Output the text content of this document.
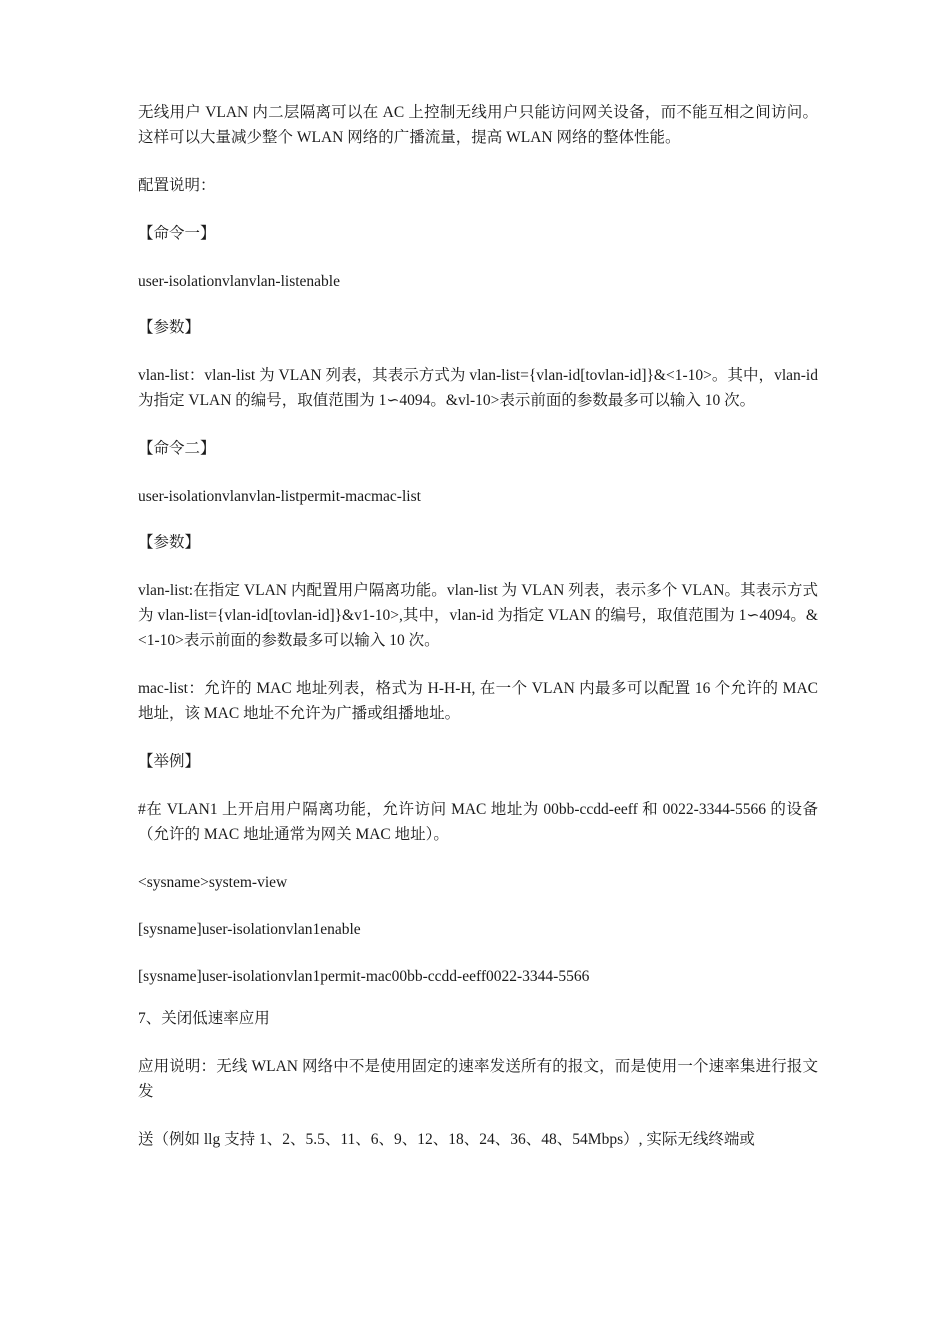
无线用户 VLAN 内二层隔离可以在 AC 上控制无线用户只能访问网关设备，而不能互相之间访问。这样可以大量减少整个 WLAN 网络的广播流量，提高 WLAN 网络的整体性能。

配置说明：

【命令一】

user-isolationvlanvlan-listenable

【参数】

vlan-list：vlan-list 为 VLAN 列表，其表示方式为 vlan-list={vlan-id[tovlan-id]}&<1-10>。其中，vlan-id 为指定 VLAN 的编号，取值范围为 1∽4094。&vl-10>表示前面的参数最多可以输入 10 次。

【命令二】

user-isolationvlanvlan-listpermit-macmac-list

【参数】

vlan-list:在指定 VLAN 内配置用户隔离功能。vlan-list 为 VLAN 列表，表示多个 VLAN。其表示方式为 vlan-list={vlan-id[tovlan-id]}&v1-10>,其中，vlan-id 为指定 VLAN 的编号，取值范围为 1∽4094。&<1-10>表示前面的参数最多可以输入 10 次。

mac-list：允许的 MAC 地址列表，格式为 H-H-H, 在一个 VLAN 内最多可以配置 16 个允许的 MAC 地址，该 MAC 地址不允许为广播或组播地址。

【举例】

#在 VLAN1 上开启用户隔离功能，允许访问 MAC 地址为 00bb-ccdd-eeff 和 0022-3344-5566 的设备（允许的 MAC 地址通常为网关 MAC 地址）。

<sysname>system-view

[sysname]user-isolationvlan1enable

[sysname]user-isolationvlan1permit-mac00bb-ccdd-eeff0022-3344-5566

7、关闭低速率应用

应用说明：无线 WLAN 网络中不是使用固定的速率发送所有的报文，而是使用一个速率集进行报文发

送（例如 llg 支持 1、2、5.5、11、6、9、12、18、24、36、48、54Mbps）, 实际无线终端或
